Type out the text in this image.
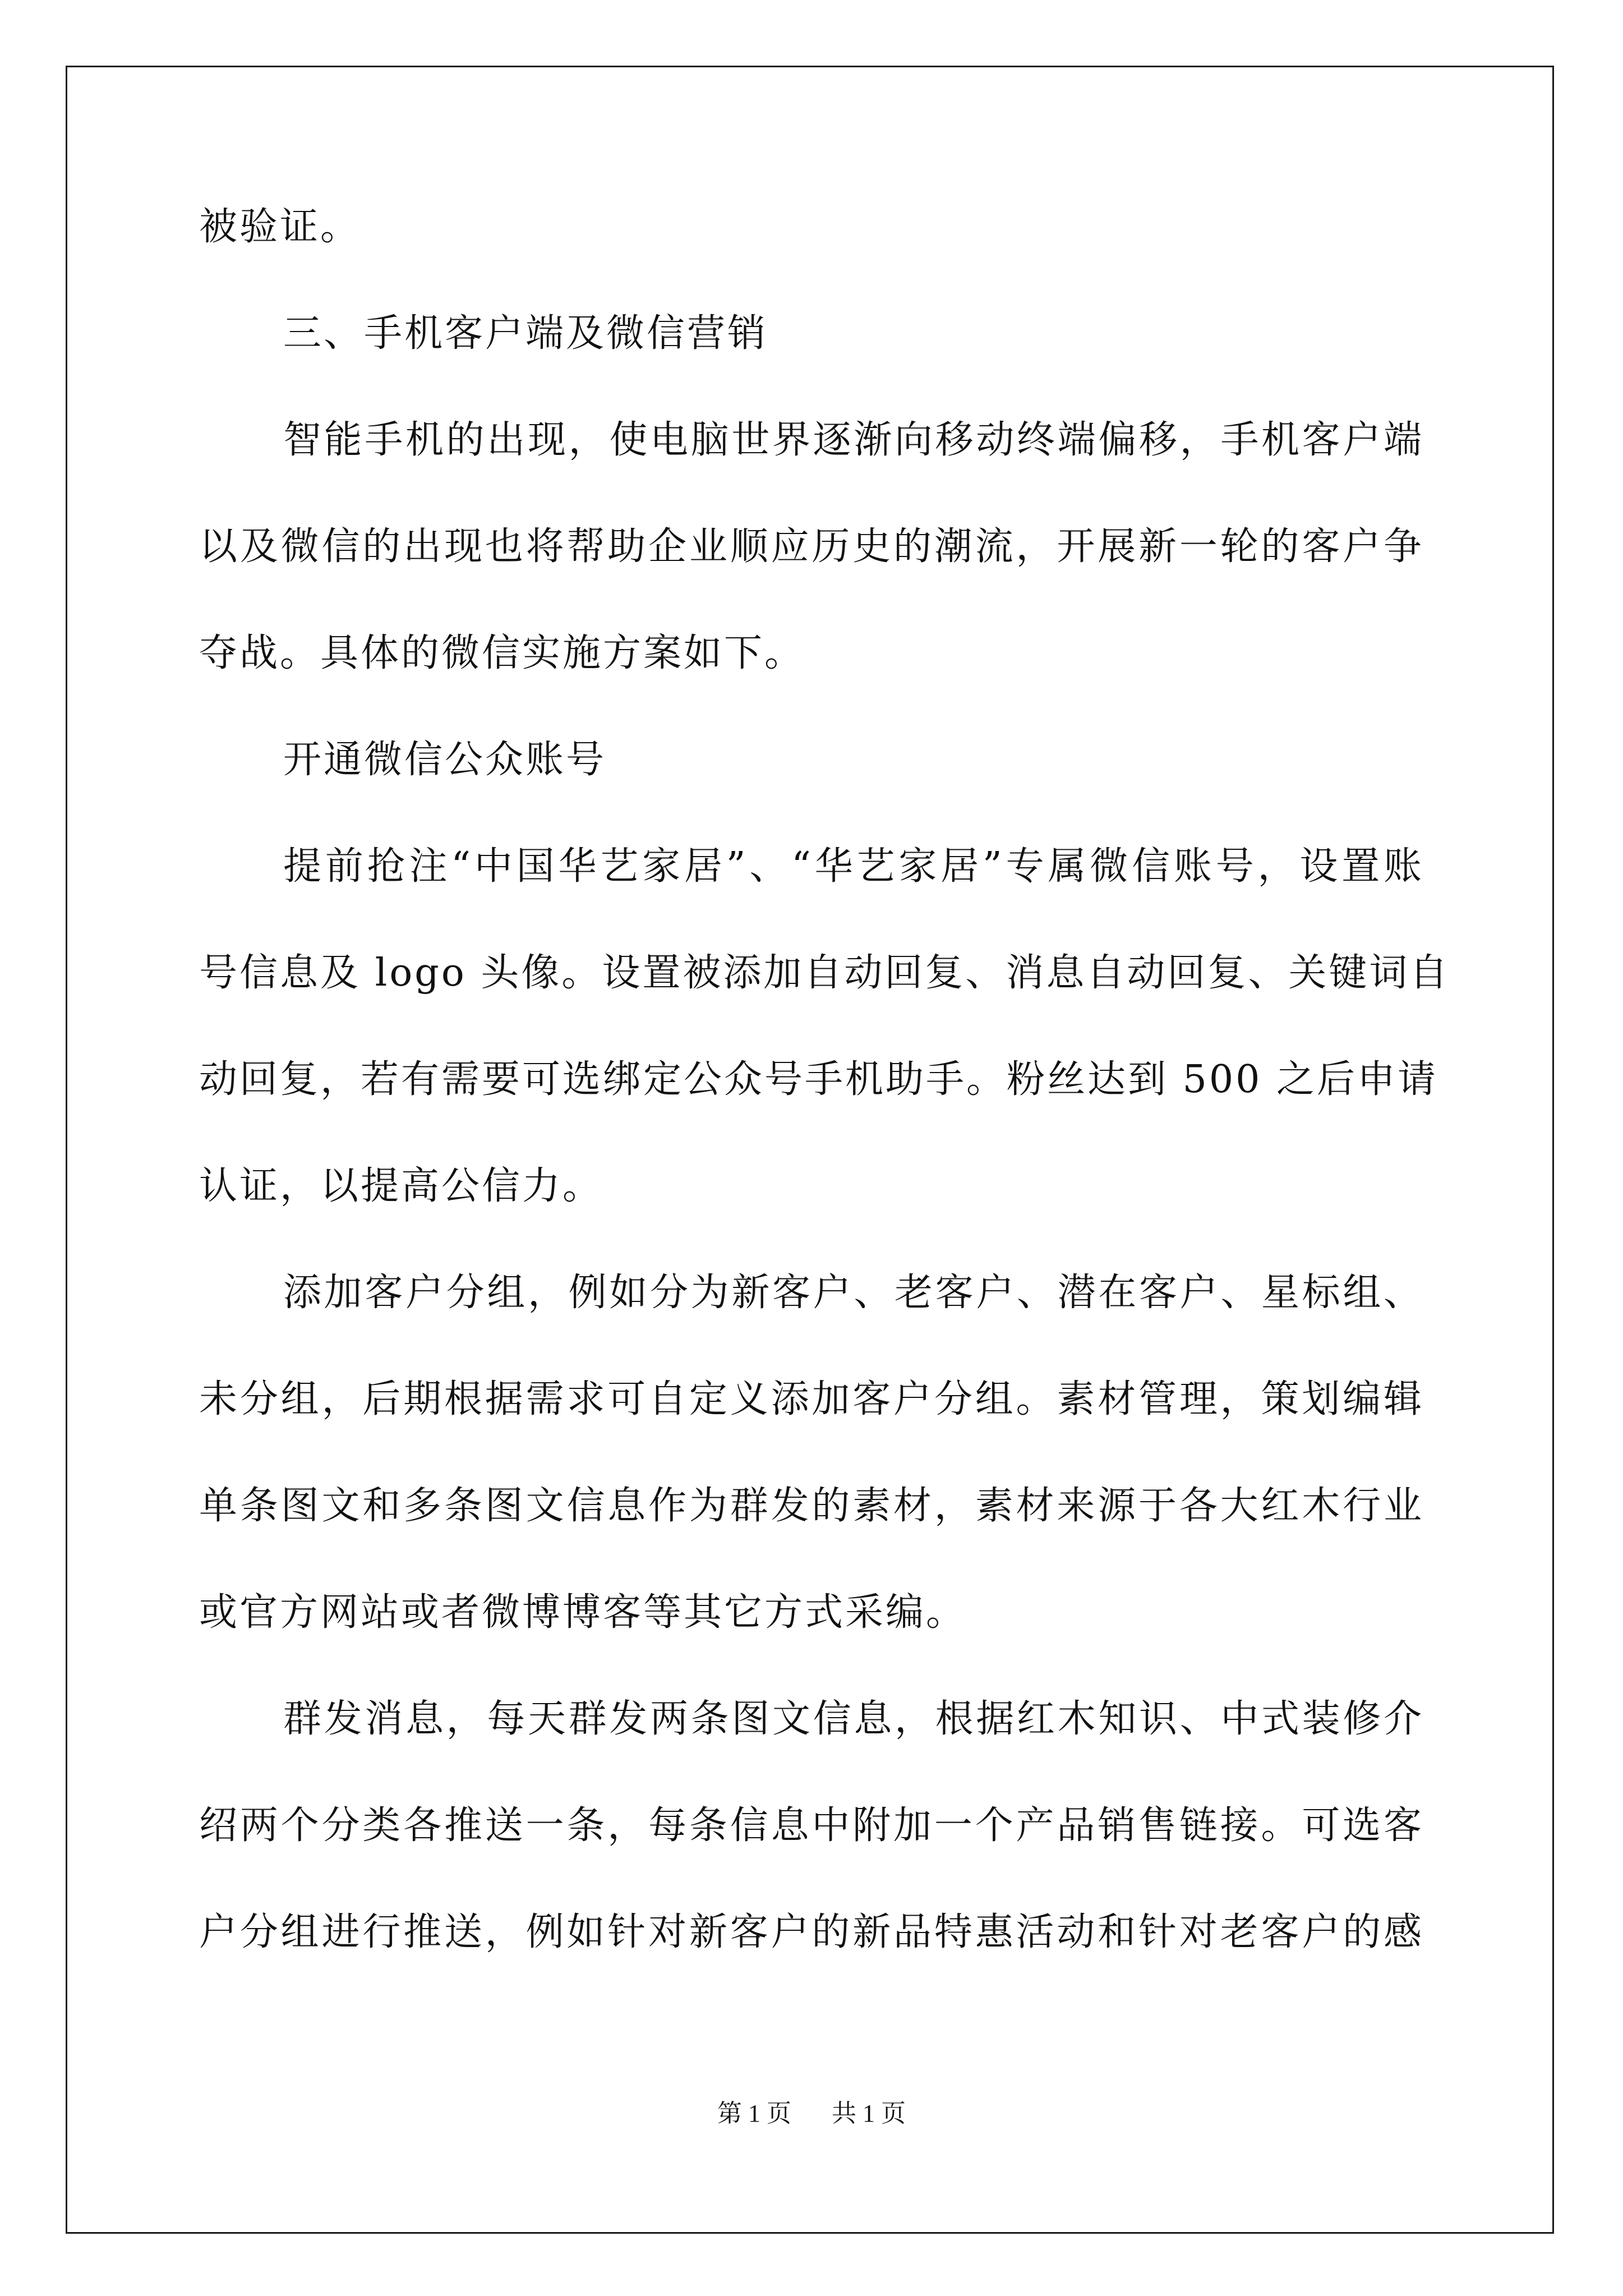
被验证。
三、手机客户端及微信营销
智能手机的出现，使电脑世界逐渐向移动终端偏移，手机客户端
以及微信的出现也将帮助企业顺应历史的潮流，开展新一轮的客户争
夺战。具体的微信实施方案如下。
开通微信公众账号
提前抢注“中国华艺家居”、“华艺家居”专属微信账号，设置账
号信息及 logo 头像。设置被添加自动回复、消息自动回复、关键词自
动回复，若有需要可选绑定公众号手机助手。粉丝达到 500 之后申请
认证，以提高公信力。
添加客户分组，例如分为新客户、老客户、潜在客户、星标组、
未分组，后期根据需求可自定义添加客户分组。素材管理，策划编辑
单条图文和多条图文信息作为群发的素材，素材来源于各大红木行业
或官方网站或者微博博客等其它方式采编。
群发消息，每天群发两条图文信息，根据红木知识、中式装修介
绍两个分类各推送一条，每条信息中附加一个产品销售链接。可选客
户分组进行推送，例如针对新客户的新品特惠活动和针对老客户的感
第 1 页 共 1 页
